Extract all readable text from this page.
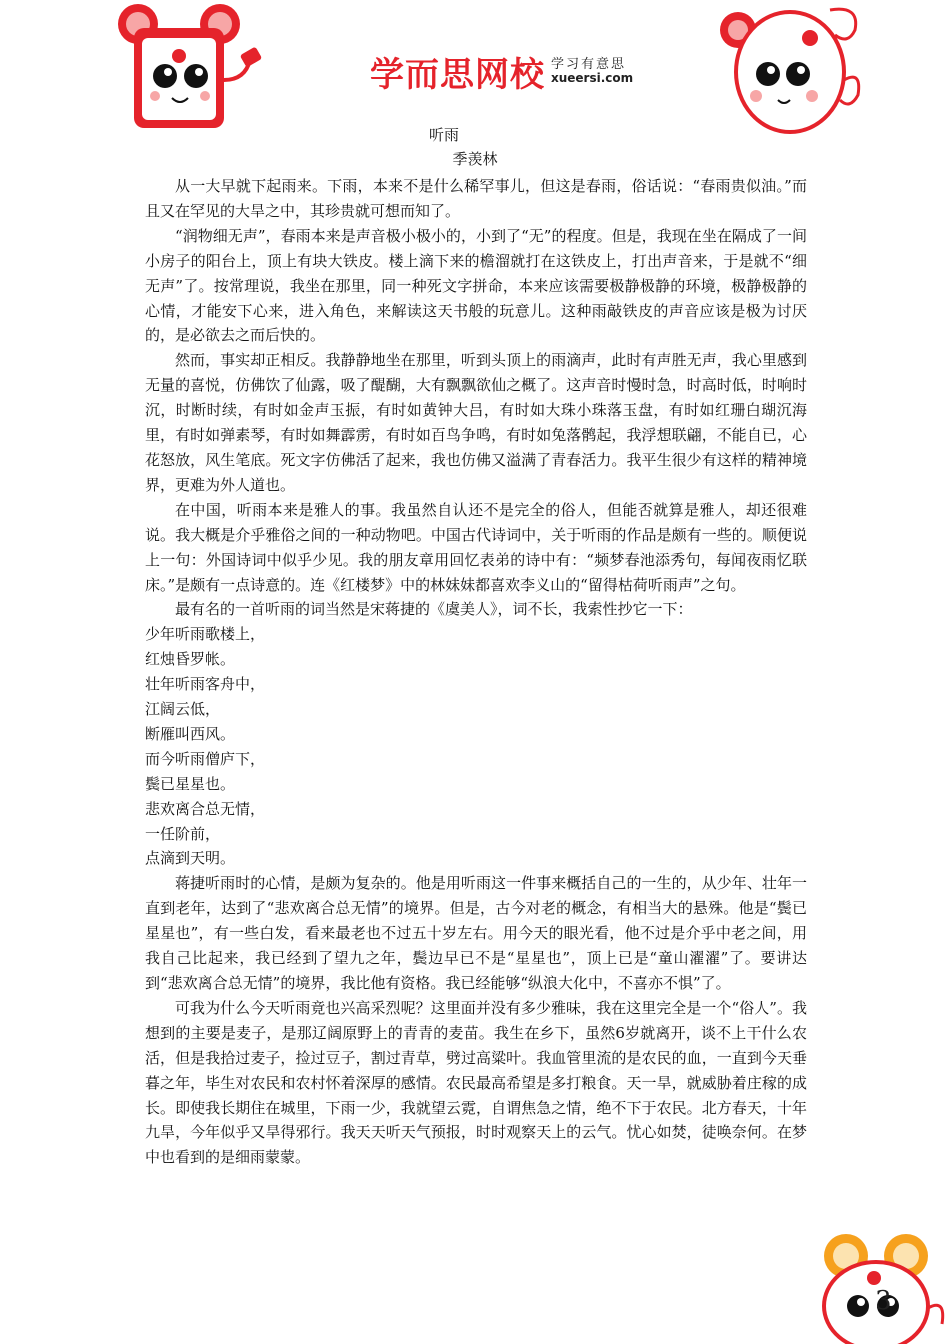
学而思网校 学习有意思
xueersi.com
听雨
季羡林

从一大早就下起雨来。下雨，本来不是什么稀罕事儿，但这是春雨，俗话说：“春雨贵似油。”而且又在罕见的大旱之中，其珍贵就可想而知了。

“润物细无声”，春雨本来是声音极小极小的，小到了“无”的程度。但是，我现在坐在隔成了一间小房子的阳台上，顶上有块大铁皮。楼上滴下来的檐溜就打在这铁皮上，打出声音来，于是就不“细无声”了。按常理说，我坐在那里，同一种死文字拼命，本来应该需要极静极静的环境，极静极静的心情，才能安下心来，进入角色，来解读这天书般的玩意儿。这种雨敲铁皮的声音应该是极为讨厌的，是必欲去之而后快的。

然而，事实却正相反。我静静地坐在那里，听到头顶上的雨滴声，此时有声胜无声，我心里感到无量的喜悦，仿佛饮了仙露，吸了醍醐，大有飘飘欲仙之概了。这声音时慢时急，时高时低，时响时沉，时断时续，有时如金声玉振，有时如黄钟大吕，有时如大珠小珠落玉盘，有时如红珊白瑚沉海里，有时如弹素琴，有时如舞霹雳，有时如百鸟争鸣，有时如兔落鹘起，我浮想联翩，不能自已，心花怒放，风生笔底。死文字仿佛活了起来，我也仿佛又溢满了青春活力。我平生很少有这样的精神境界，更难为外人道也。

在中国，听雨本来是雅人的事。我虽然自认还不是完全的俗人，但能否就算是雅人，却还很难说。我大概是介乎雅俗之间的一种动物吧。中国古代诗词中，关于听雨的作品是颇有一些的。顺便说上一句：外国诗词中似乎少见。我的朋友章用回忆表弟的诗中有：“频梦春池添秀句，每闻夜雨忆联床。”是颇有一点诗意的。连《红楼梦》中的林妹妹都喜欢李义山的“留得枯荷听雨声”之句。

最有名的一首听雨的词当然是宋蒋捷的《虞美人》，词不长，我索性抄它一下：

少年听雨歌楼上，

红烛昏罗帐。

壮年听雨客舟中，

江阔云低，

断雁叫西风。

而今听雨僧庐下，

鬓已星星也。

悲欢离合总无情，

一任阶前，

点滴到天明。

蒋捷听雨时的心情，是颇为复杂的。他是用听雨这一件事来概括自己的一生的，从少年、壮年一直到老年，达到了“悲欢离合总无情”的境界。但是，古今对老的概念，有相当大的悬殊。他是“鬓已星星也”，有一些白发，看来最老也不过五十岁左右。用今天的眼光看，他不过是介乎中老之间，用我自己比起来，我已经到了望九之年，鬓边早已不是“星星也”，顶上已是“童山濯濯”了。要讲达到“悲欢离合总无情”的境界，我比他有资格。我已经能够“纵浪大化中，不喜亦不惧”了。

可我为什么今天听雨竟也兴高采烈呢？这里面并没有多少雅味，我在这里完全是一个“俗人”。我想到的主要是麦子，是那辽阔原野上的青青的麦苗。我生在乡下，虽然6岁就离开，谈不上干什么农活，但是我拾过麦子，捡过豆子，割过青草，劈过高粱叶。我血管里流的是农民的血，一直到今天垂暮之年，毕生对农民和农村怀着深厚的感情。农民最高希望是多打粮食。天一旱，就威胁着庄稼的成长。即使我长期住在城里，下雨一少，我就望云霓，自谓焦急之情，绝不下于农民。北方春天，十年九旱，今年似乎又旱得邪行。我天天听天气预报，时时观察天上的云气。忧心如焚，徒唤奈何。在梦中也看到的是细雨蒙蒙。

3
